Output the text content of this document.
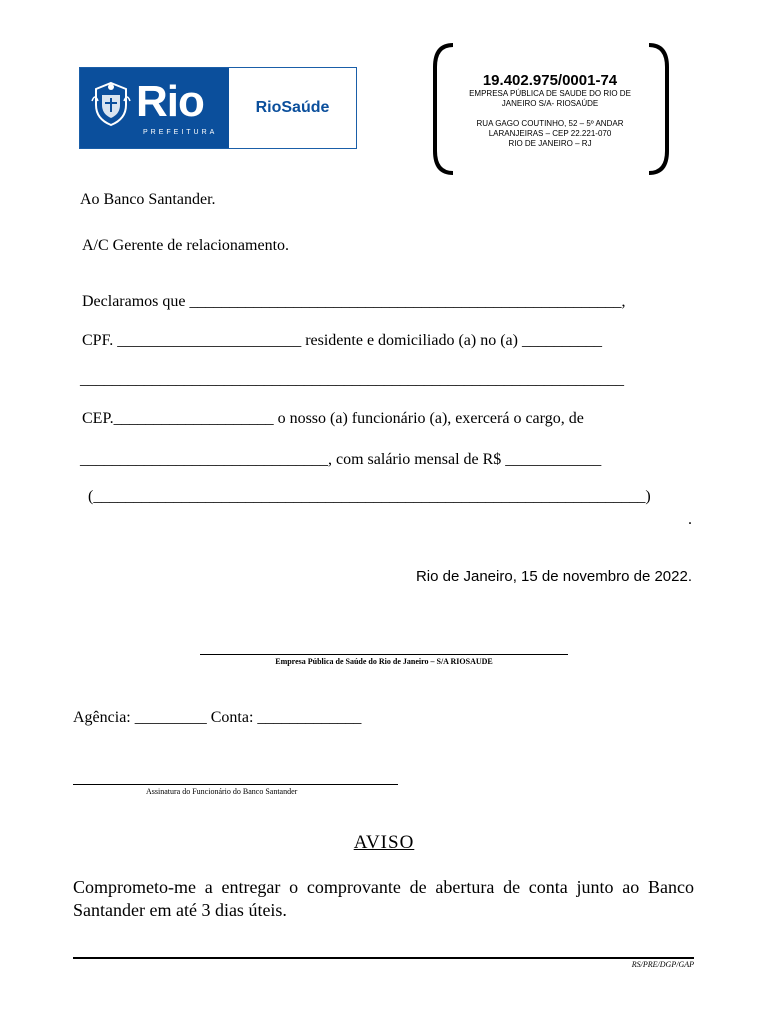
Rio
PREFEITURA
RioSaúde
19.402.975/0001-74
EMPRESA PÚBLICA DE SAUDE DO RIO DE
JANEIRO S/A- RIOSAÚDE
RUA GAGO COUTINHO, 52 – 5º ANDAR
LARANJEIRAS – CEP 22.221-070
RIO DE JANEIRO – RJ
Ao Banco Santander.
A/C Gerente de relacionamento.
Declaramos que ______________________________________________________,
CPF. _______________________ residente e domiciliado (a) no (a) __________
____________________________________________________________________
CEP.____________________ o nosso (a) funcionário (a), exercerá o cargo, de
_______________________________, com salário mensal de R$ ____________
(_____________________________________________________________________)
.
Rio de Janeiro, 15 de novembro de 2022.
Empresa Pública de Saúde do Rio de Janeiro – S/A RIOSAUDE
Agência: _________ Conta: _____________
Assinatura do Funcionário do Banco Santander
AVISO
Comprometo-me a entregar o comprovante de abertura de conta junto ao Banco Santander em até 3 dias úteis.
RS/PRE/DGP/GAP
